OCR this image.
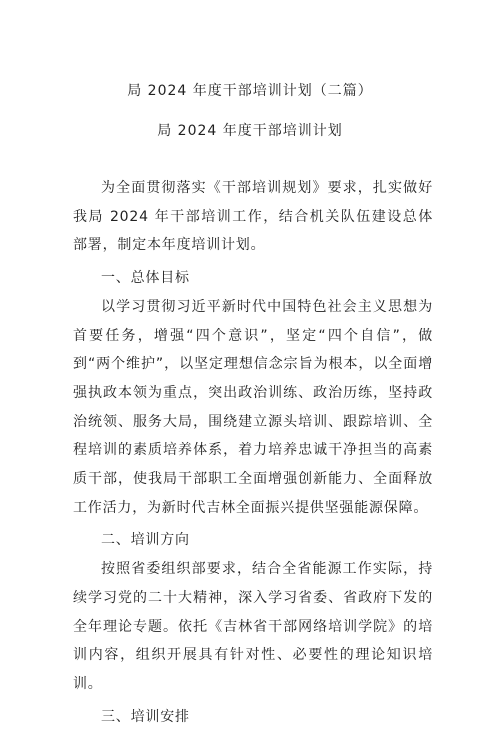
局 2024 年度干部培训计划（二篇）
局 2024 年度干部培训计划

为全面贯彻落实《干部培训规划》要求，扎实做好我局 2024 年干部培训工作，结合机关队伍建设总体部署，制定本年度培训计划。

一、总体目标

以学习贯彻习近平新时代中国特色社会主义思想为首要任务，增强“四个意识”，坚定“四个自信”，做到“两个维护”，以坚定理想信念宗旨为根本，以全面增强执政本领为重点，突出政治训练、政治历练，坚持政治统领、服务大局，围绕建立源头培训、跟踪培训、全程培训的素质培养体系，着力培养忠诚干净担当的高素质干部，使我局干部职工全面增强创新能力、全面释放工作活力，为新时代吉林全面振兴提供坚强能源保障。

二、培训方向

按照省委组织部要求，结合全省能源工作实际，持续学习党的二十大精神，深入学习省委、省政府下发的全年理论专题。依托《吉林省干部网络培训学院》的培训内容，组织开展具有针对性、必要性的理论知识培训。

三、培训安排
